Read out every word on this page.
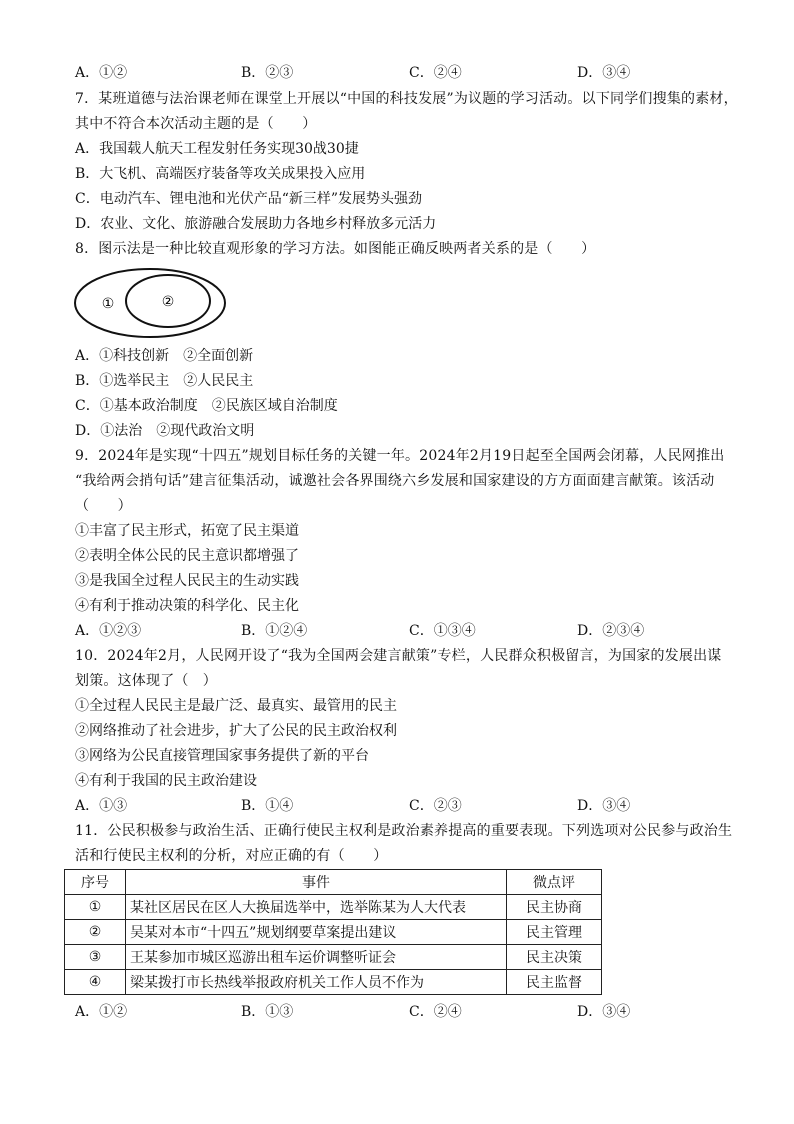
A．①②	B．②③	C．②④	D．③④
7．某班道德与法治课老师在课堂上开展以“中国的科技发展”为议题的学习活动。以下同学们搜集的素材，
其中不符合本次活动主题的是（　　）
A．我国载人航天工程发射任务实现30战30捷
B．大飞机、高端医疗装备等攻关成果投入应用
C．电动汽车、锂电池和光伏产品“新三样”发展势头强劲
D．农业、文化、旅游融合发展助力各地乡村释放多元活力
8．图示法是一种比较直观形象的学习方法。如图能正确反映两者关系的是（　　）
①	②
A．①科技创新　②全面创新
B．①选举民主　②人民民主
C．①基本政治制度　②民族区域自治制度
D．①法治　②现代政治文明
9．2024年是实现“十四五”规划目标任务的关键一年。2024年2月19日起至全国两会闭幕，人民网推出
“我给两会捎句话”建言征集活动，诚邀社会各界围绕六乡发展和国家建设的方方面面建言献策。该活动
（　　）
①丰富了民主形式，拓宽了民主渠道
②表明全体公民的民主意识都增强了
③是我国全过程人民民主的生动实践
④有利于推动决策的科学化、民主化
A．①②③	B．①②④	C．①③④	D．②③④
10．2024年2月，人民网开设了“我为全国两会建言献策”专栏，人民群众积极留言，为国家的发展出谋
划策。这体现了（　）
①全过程人民民主是最广泛、最真实、最管用的民主
②网络推动了社会进步，扩大了公民的民主政治权利
③网络为公民直接管理国家事务提供了新的平台
④有利于我国的民主政治建设
A．①③	B．①④	C．②③	D．③④
11．公民积极参与政治生活、正确行使民主权利是政治素养提高的重要表现。下列选项对公民参与政治生
活和行使民主权利的分析，对应正确的有（　　）
序号	事件	微点评
①	某社区居民在区人大换届选举中，选举陈某为人大代表	民主协商
②	吴某对本市“十四五”规划纲要草案提出建议	民主管理
③	王某参加市城区巡游出租车运价调整听证会	民主决策
④	梁某拨打市长热线举报政府机关工作人员不作为	民主监督
A．①②	B．①③	C．②④	D．③④
